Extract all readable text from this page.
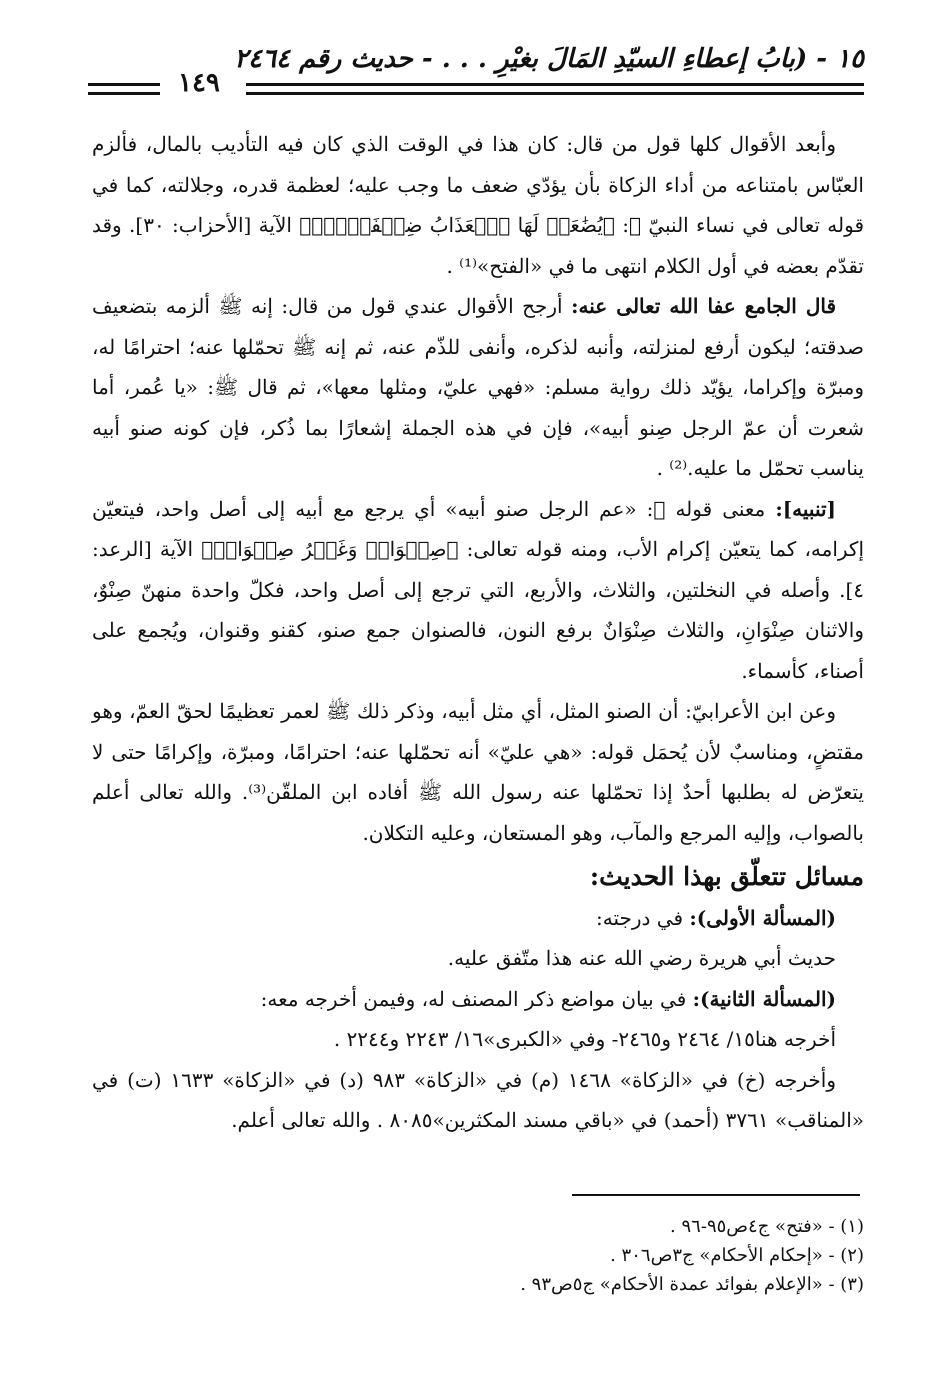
١٥ - (بابُ إعطاءِ السيّدِ المَالَ بغيْرِ . . . - حديث رقم ٢٤٦٤
١٤٩

وأبعد الأقوال كلها قول من قال: كان هذا في الوقت الذي كان فيه التأديب بالمال، فألزم العبّاس بامتناعه من أداء الزكاة بأن يؤدّي ضعف ما وجب عليه؛ لعظمة قدره، وجلالته، كما في قوله تعالى في نساء النبيّ ﷺ: ﴿يُضَٰعَفۡ لَهَا ٱلۡعَذَابُ ضِعۡفَيۡنِۚ﴾ الآية [الأحزاب: ٣٠]. وقد تقدّم بعضه في أول الكلام انتهى ما في «الفتح»⁽¹⁾ .

قال الجامع عفا الله تعالى عنه: أرجح الأقوال عندي قول من قال: إنه ﷺ ألزمه بتضعيف صدقته؛ ليكون أرفع لمنزلته، وأنبه لذكره، وأنفى للذّم عنه، ثم إنه ﷺ تحمّلها عنه؛ احترامًا له، ومبرّة وإكراما، يؤيّد ذلك رواية مسلم: «فهي عليّ، ومثلها معها»، ثم قال ﷺ: «يا عُمر، أما شعرت أن عمّ الرجل صِنو أبيه»، فإن في هذه الجملة إشعارًا بما ذُكر، فإن كونه صنو أبيه يناسب تحمّل ما عليه.⁽²⁾ .

[تنبيه]: معنى قوله ﷺ: «عم الرجل صنو أبيه» أي يرجع مع أبيه إلى أصل واحد، فيتعيّن إكرامه، كما يتعيّن إكرام الأب، ومنه قوله تعالى: ﴿صِنۡوَانٞ وَغَيۡرُ صِنۡوَانٖ﴾ الآية [الرعد: ٤]. وأصله في النخلتين، والثلاث، والأربع، التي ترجع إلى أصل واحد، فكلّ واحدة منهنّ صِنْوٌ، والاثنان صِنْوَانِ، والثلاث صِنْوَانٌ برفع النون، فالصنوان جمع صنو، كقنو وقنوان، ويُجمع على أصناء، كأسماء.

وعن ابن الأعرابيّ: أن الصنو المثل، أي مثل أبيه، وذكر ذلك ﷺ لعمر تعظيمًا لحقّ العمّ، وهو مقتضٍ، ومناسبٌ لأن يُحمَل قوله: «هي عليّ» أنه تحمّلها عنه؛ احترامًا، ومبرّة، وإكرامًا حتى لا يتعرّض له بطلبها أحدٌ إذا تحمّلها عنه رسول الله ﷺ أفاده ابن الملقّن⁽³⁾. والله تعالى أعلم بالصواب، وإليه المرجع والمآب، وهو المستعان، وعليه التكلان.

مسائل تتعلّق بهذا الحديث:

(المسألة الأولى): في درجته:

حديث أبي هريرة رضي الله عنه هذا متّفق عليه.

(المسألة الثانية): في بيان مواضع ذكر المصنف له، وفيمن أخرجه معه:

أخرجه هنا١٥/ ٢٤٦٤ و٢٤٦٥- وفي «الكبرى»١٦/ ٢٢٤٣ و٢٢٤٤ .

وأخرجه (خ) في «الزكاة» ١٤٦٨ (م) في «الزكاة» ٩٨٣ (د) في «الزكاة» ١٦٣٣ (ت) في «المناقب» ٣٧٦١ (أحمد) في «باقي مسند المكثرين»٨٠٨٥ . والله تعالى أعلم.

(١) - «فتح» ج٤ص٩٥-٩٦ .
(٢) - «إحكام الأحكام» ج٣ص٣٠٦ .
(٣) - «الإعلام بفوائد عمدة الأحكام» ج٥ص٩٣ .
